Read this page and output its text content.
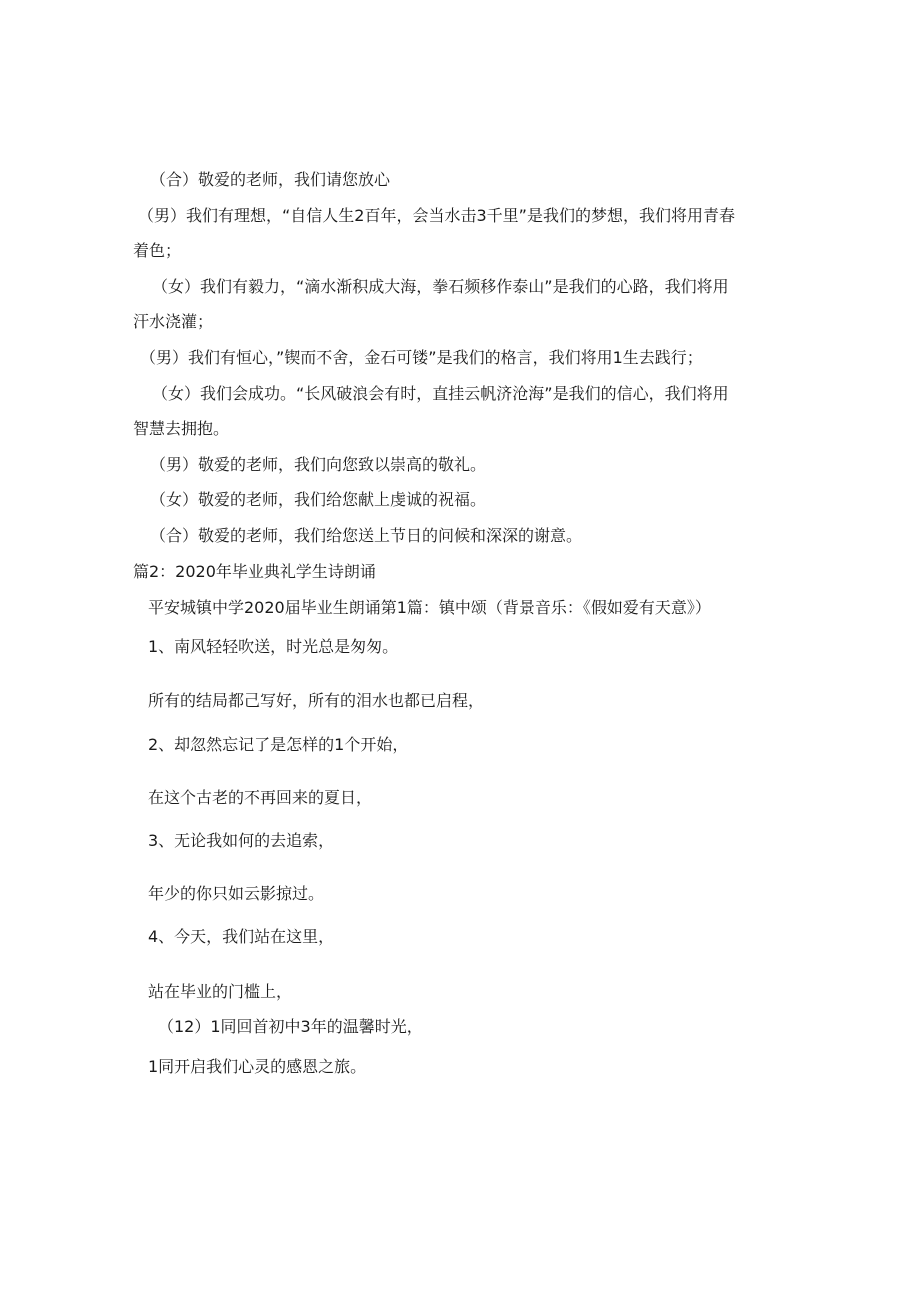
（合）敬爱的老师，我们请您放心
（男）我们有理想，“自信人生2百年，会当水击3千里”是我们的梦想，我们将用青春
着色；
（女）我们有毅力，“滴水渐积成大海，拳石频移作泰山”是我们的心路，我们将用
汗水浇灌；
（男）我们有恒心，”锲而不舍，金石可镂”是我们的格言，我们将用1生去践行；
（女）我们会成功。“长风破浪会有时，直挂云帆济沧海”是我们的信心，我们将用
智慧去拥抱。
（男）敬爱的老师，我们向您致以崇高的敬礼。
（女）敬爱的老师，我们给您献上虔诚的祝福。
（合）敬爱的老师，我们给您送上节日的问候和深深的谢意。
篇2：2020年毕业典礼学生诗朗诵
平安城镇中学2020届毕业生朗诵第1篇：镇中颂（背景音乐：《假如爱有天意》）
1、南风轻轻吹送，时光总是匆匆。
所有的结局都己写好，所有的泪水也都已启程，
2、却忽然忘记了是怎样的1个开始，
在这个古老的不再回来的夏日，
3、无论我如何的去追索，
年少的你只如云影掠过。
4、今天，我们站在这里，
站在毕业的门槛上，
（12）1同回首初中3年的温馨时光，
1同开启我们心灵的感恩之旅。
